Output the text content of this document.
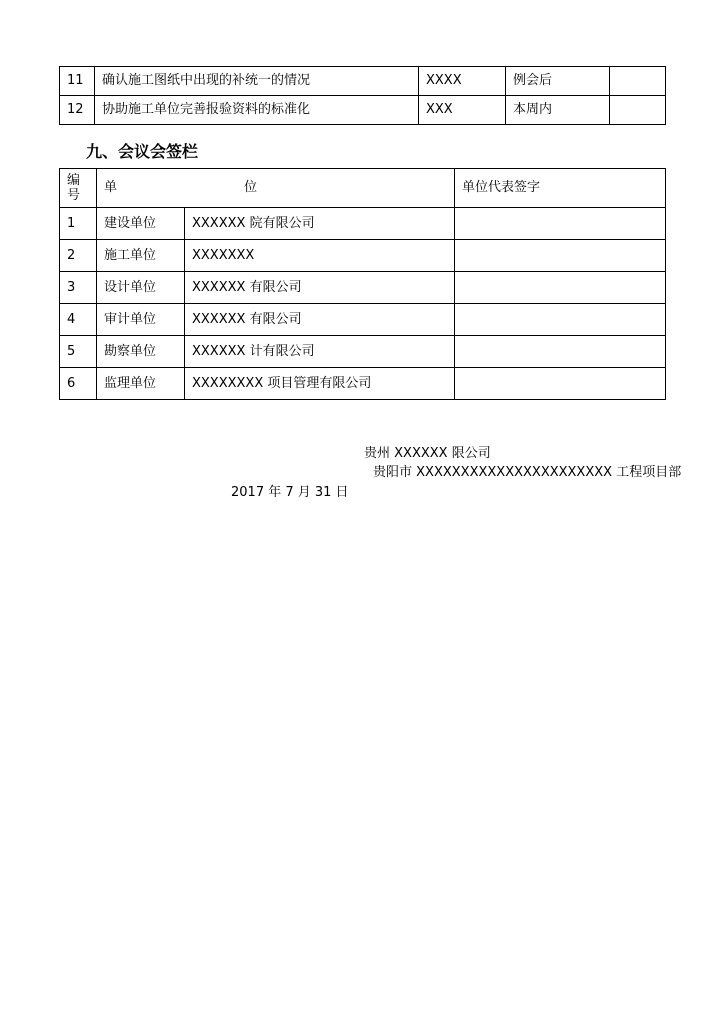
11	确认施工图纸中出现的补统一的情况	XXXX	例会后	
12	协助施工单位完善报验资料的标准化	XXX	本周内	
九、会议会签栏
编
号	单 位		单位代表签字
1	建设单位	XXXXXX 院有限公司	
2	施工单位	XXXXXXX	
3	设计单位	XXXXXX 有限公司	
4	审计单位	XXXXXX 有限公司	
5	勘察单位	XXXXXX 计有限公司	
6	监理单位	XXXXXXXX 项目管理有限公司	
贵州 XXXXXX 限公司
贵阳市 XXXXXXXXXXXXXXXXXXXXXX 工程项目部
2017 年 7 月 31 日
